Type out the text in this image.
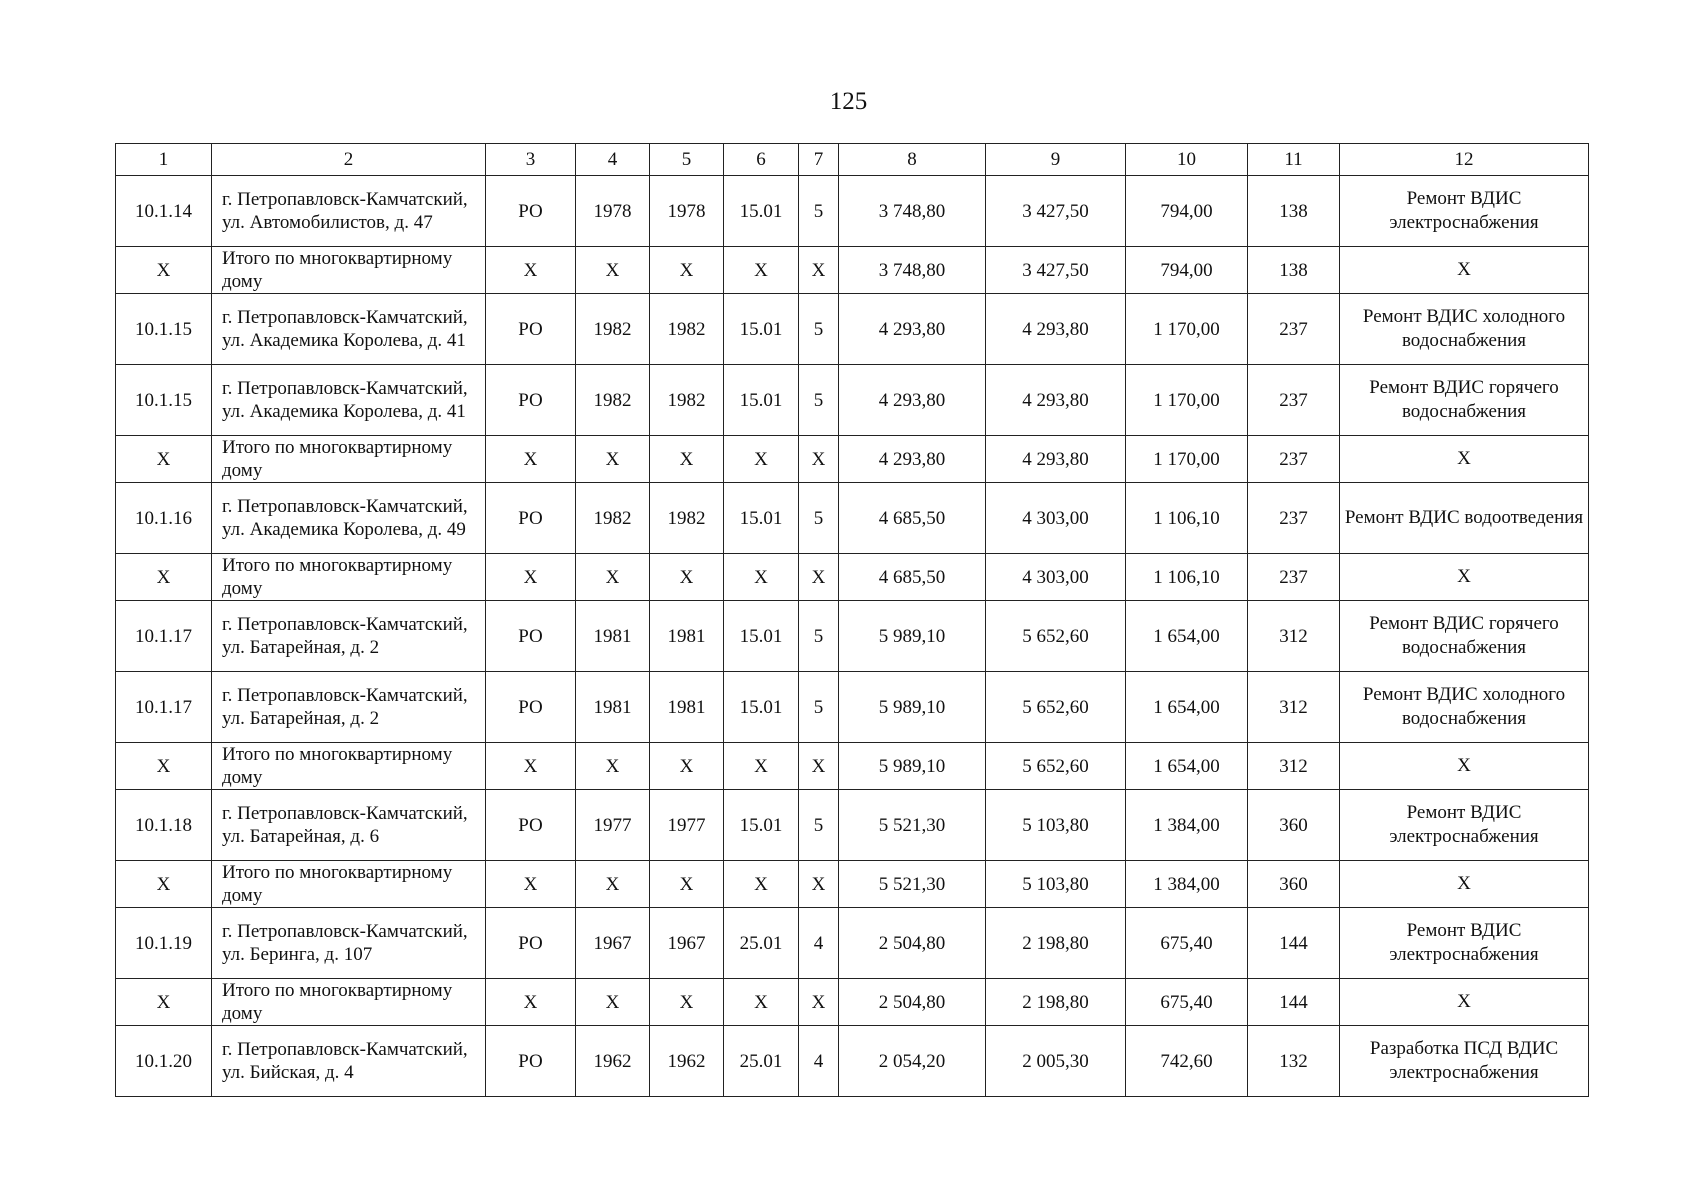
125
1	2	3	4	5	6	7	8	9	10	11	12
10.1.14	г. Петропавловск-Камчатский, ул. Автомобилистов, д. 47	РО	1978	1978	15.01	5	3 748,80	3 427,50	794,00	138	Ремонт ВДИС электроснабжения
Х	Итого по многоквартирному дому	Х	Х	Х	Х	Х	3 748,80	3 427,50	794,00	138	Х
10.1.15	г. Петропавловск-Камчатский, ул. Академика Королева, д. 41	РО	1982	1982	15.01	5	4 293,80	4 293,80	1 170,00	237	Ремонт ВДИС холодного водоснабжения
10.1.15	г. Петропавловск-Камчатский, ул. Академика Королева, д. 41	РО	1982	1982	15.01	5	4 293,80	4 293,80	1 170,00	237	Ремонт ВДИС горячего водоснабжения
Х	Итого по многоквартирному дому	Х	Х	Х	Х	Х	4 293,80	4 293,80	1 170,00	237	Х
10.1.16	г. Петропавловск-Камчатский, ул. Академика Королева, д. 49	РО	1982	1982	15.01	5	4 685,50	4 303,00	1 106,10	237	Ремонт ВДИС водоотведения
Х	Итого по многоквартирному дому	Х	Х	Х	Х	Х	4 685,50	4 303,00	1 106,10	237	Х
10.1.17	г. Петропавловск-Камчатский, ул. Батарейная, д. 2	РО	1981	1981	15.01	5	5 989,10	5 652,60	1 654,00	312	Ремонт ВДИС горячего водоснабжения
10.1.17	г. Петропавловск-Камчатский, ул. Батарейная, д. 2	РО	1981	1981	15.01	5	5 989,10	5 652,60	1 654,00	312	Ремонт ВДИС холодного водоснабжения
Х	Итого по многоквартирному дому	Х	Х	Х	Х	Х	5 989,10	5 652,60	1 654,00	312	Х
10.1.18	г. Петропавловск-Камчатский, ул. Батарейная, д. 6	РО	1977	1977	15.01	5	5 521,30	5 103,80	1 384,00	360	Ремонт ВДИС электроснабжения
Х	Итого по многоквартирному дому	Х	Х	Х	Х	Х	5 521,30	5 103,80	1 384,00	360	Х
10.1.19	г. Петропавловск-Камчатский, ул. Беринга, д. 107	РО	1967	1967	25.01	4	2 504,80	2 198,80	675,40	144	Ремонт ВДИС электроснабжения
Х	Итого по многоквартирному дому	Х	Х	Х	Х	Х	2 504,80	2 198,80	675,40	144	Х
10.1.20	г. Петропавловск-Камчатский, ул. Бийская, д. 4	РО	1962	1962	25.01	4	2 054,20	2 005,30	742,60	132	Разработка ПСД ВДИС электроснабжения
